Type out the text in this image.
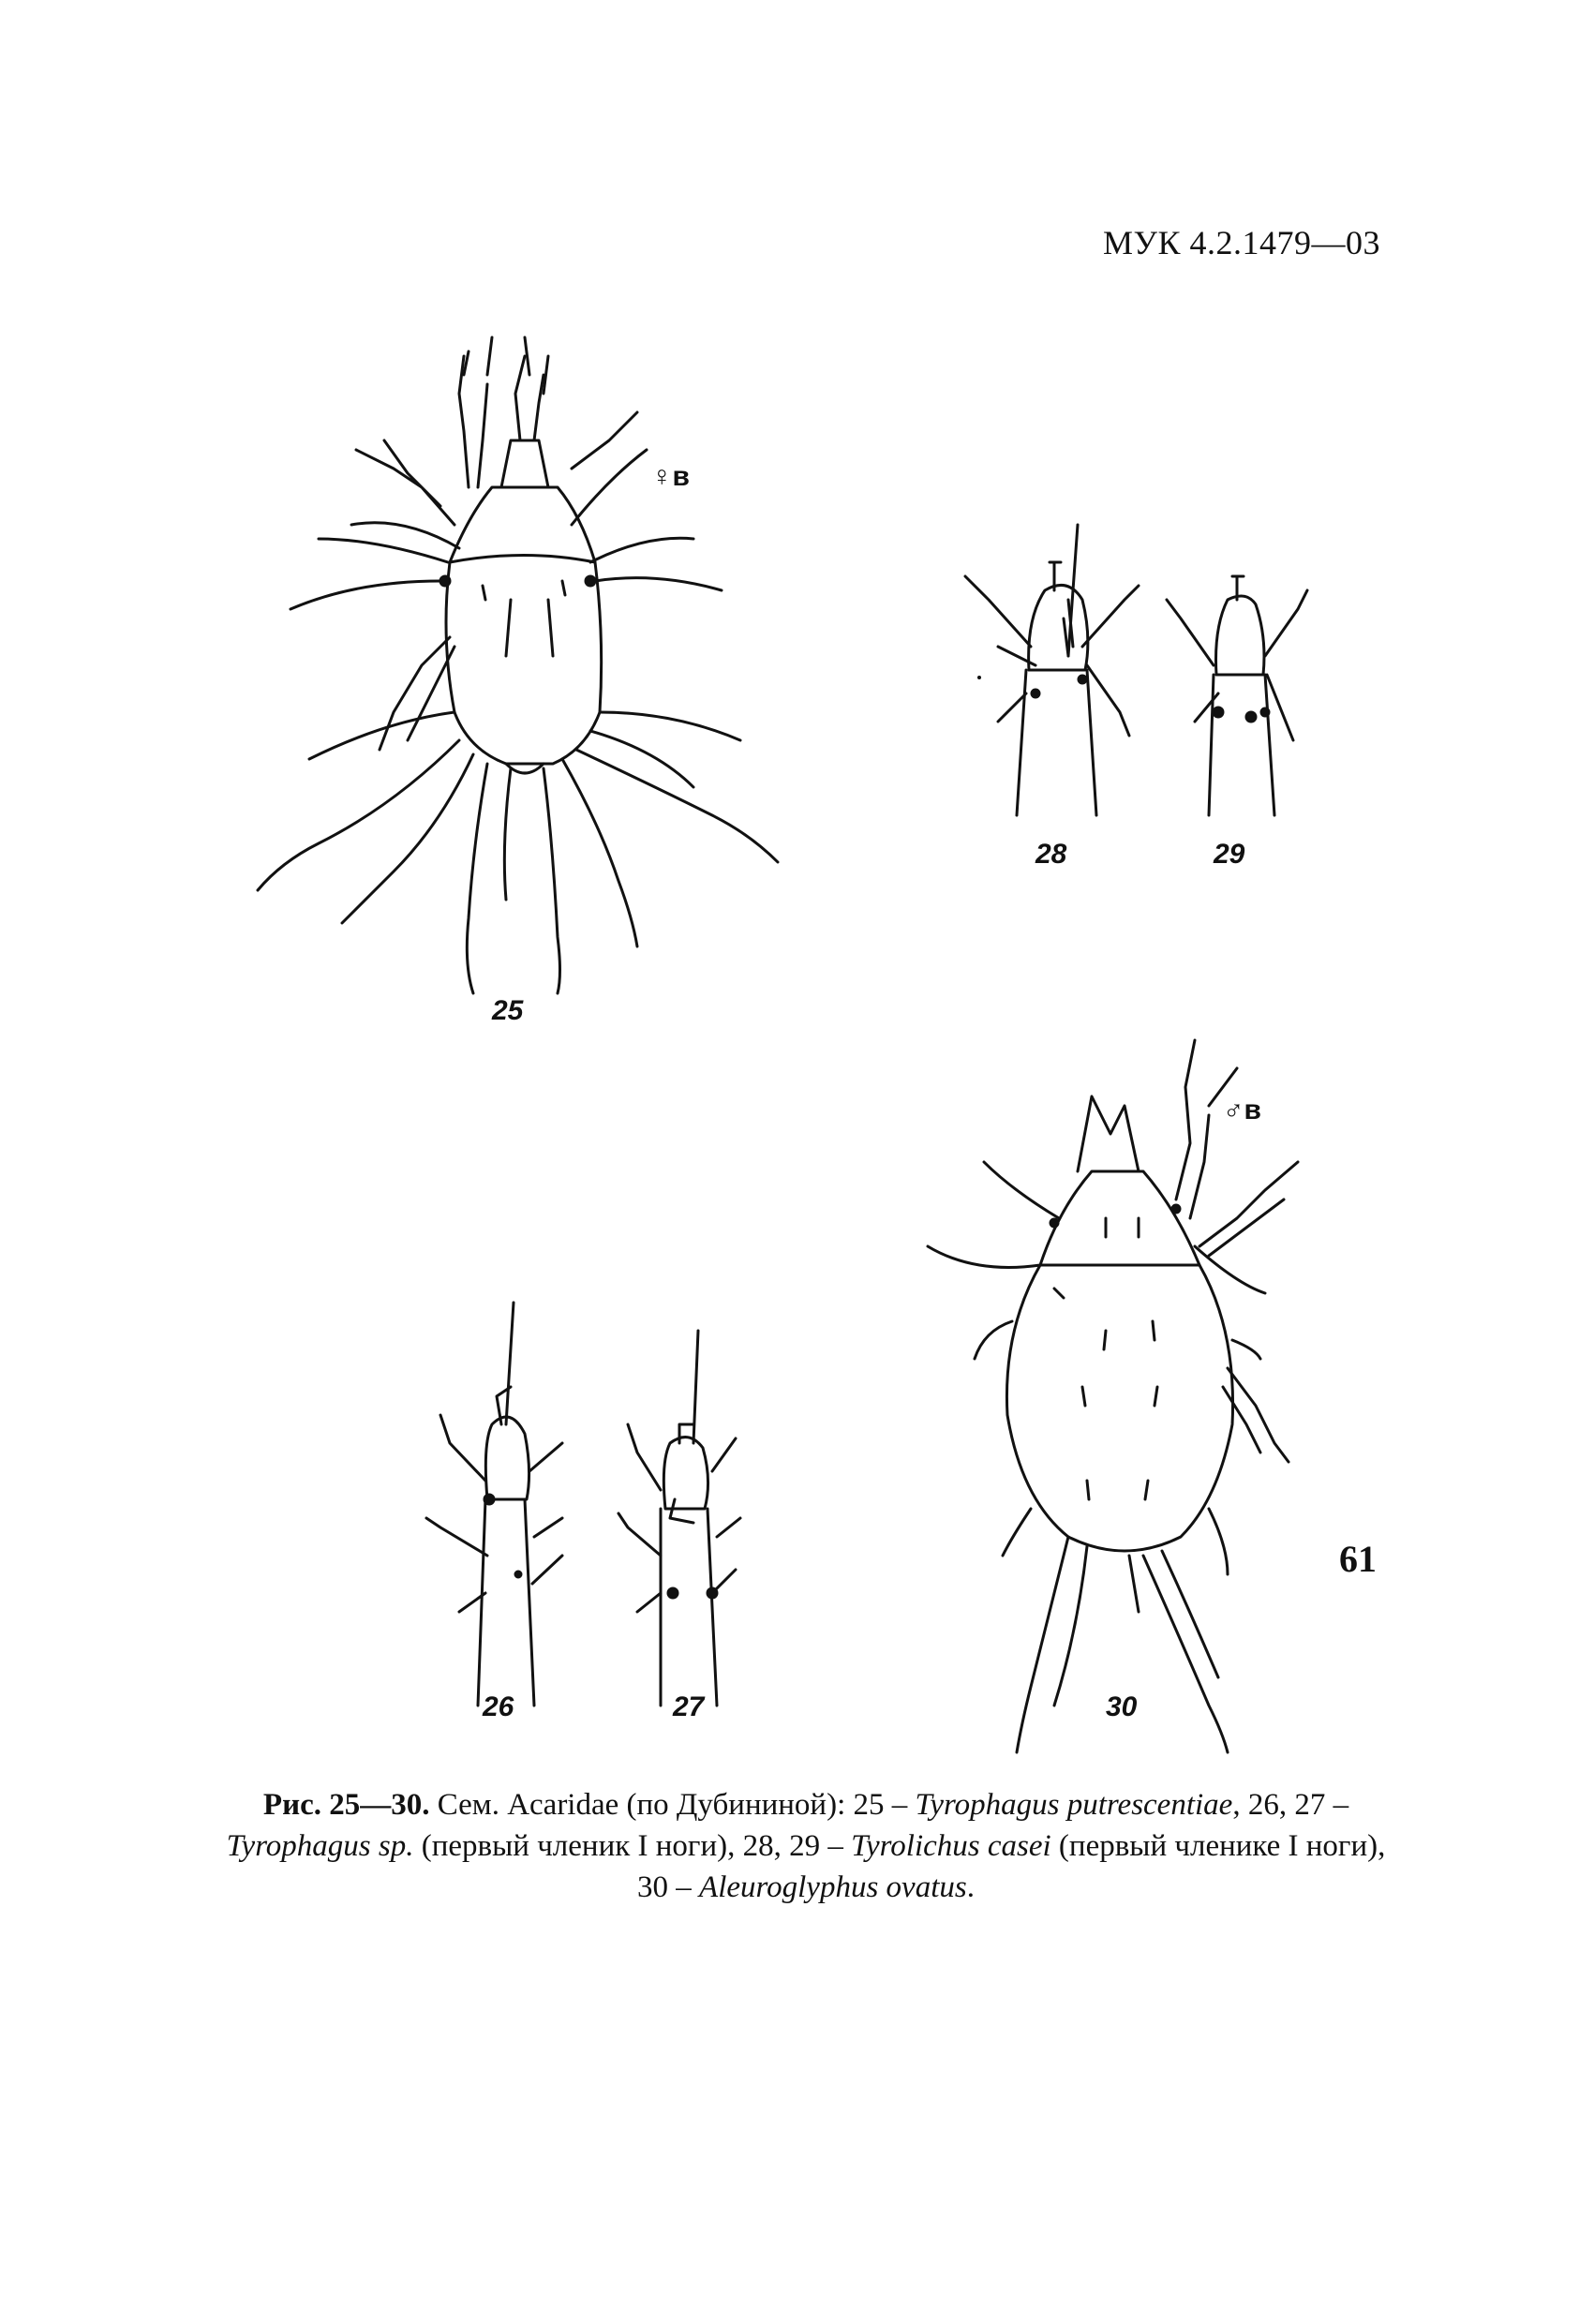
МУК 4.2.1479—03
25
♀в
28	29
♂в
26	27	30
Рис. 25—30. Сем. Acaridae (по Дубининой): 25 – Tyrophagus putrescentiae, 26, 27 – Tyrophagus sp. (первый членик I ноги), 28, 29 – Tyrolichus casei (первый членике I ноги), 30 – Aleuroglyphus ovatus.
61
